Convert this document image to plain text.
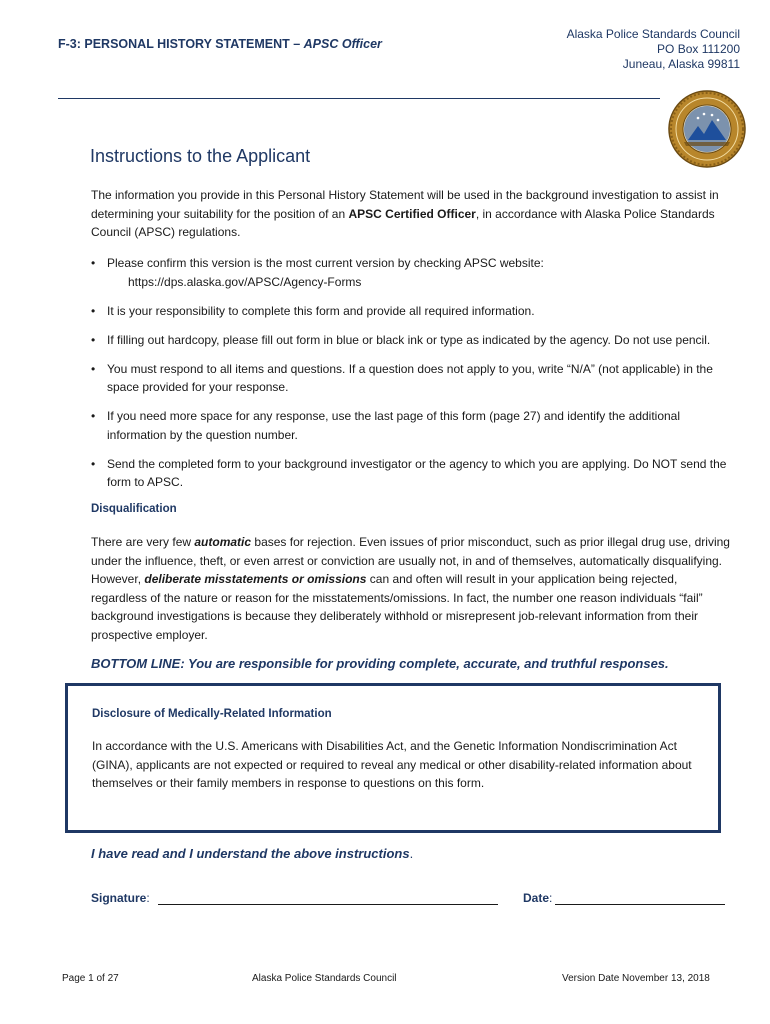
F-3: PERSONAL HISTORY STATEMENT – APSC Officer
Alaska Police Standards Council
PO Box 111200
Juneau, Alaska 99811
Instructions to the Applicant
The information you provide in this Personal History Statement will be used in the background investigation to assist in determining your suitability for the position of an APSC Certified Officer, in accordance with Alaska Police Standards Council (APSC) regulations.
• Please confirm this version is the most current version by checking APSC website:
https://dps.alaska.gov/APSC/Agency-Forms
• It is your responsibility to complete this form and provide all required information.
• If filling out hardcopy, please fill out form in blue or black ink or type as indicated by the agency. Do not use pencil.
• You must respond to all items and questions. If a question does not apply to you, write “N/A” (not applicable) in the space provided for your response.
• If you need more space for any response, use the last page of this form (page 27) and identify the additional information by the question number.
• Send the completed form to your background investigator or the agency to which you are applying. Do NOT send the form to APSC.
Disqualification
There are very few automatic bases for rejection. Even issues of prior misconduct, such as prior illegal drug use, driving under the influence, theft, or even arrest or conviction are usually not, in and of themselves, automatically disqualifying. However, deliberate misstatements or omissions can and often will result in your application being rejected, regardless of the nature or reason for the misstatements/omissions. In fact, the number one reason individuals “fail” background investigations is because they deliberately withhold or misrepresent job-relevant information from their prospective employer.
BOTTOM LINE: You are responsible for providing complete, accurate, and truthful responses.
Disclosure of Medically-Related Information
In accordance with the U.S. Americans with Disabilities Act, and the Genetic Information Nondiscrimination Act (GINA), applicants are not expected or required to reveal any medical or other disability-related information about themselves or their family members in response to questions on this form.
I have read and I understand the above instructions.
Signature:	Date:
Page 1 of 27	Alaska Police Standards Council	Version Date November 13, 2018
